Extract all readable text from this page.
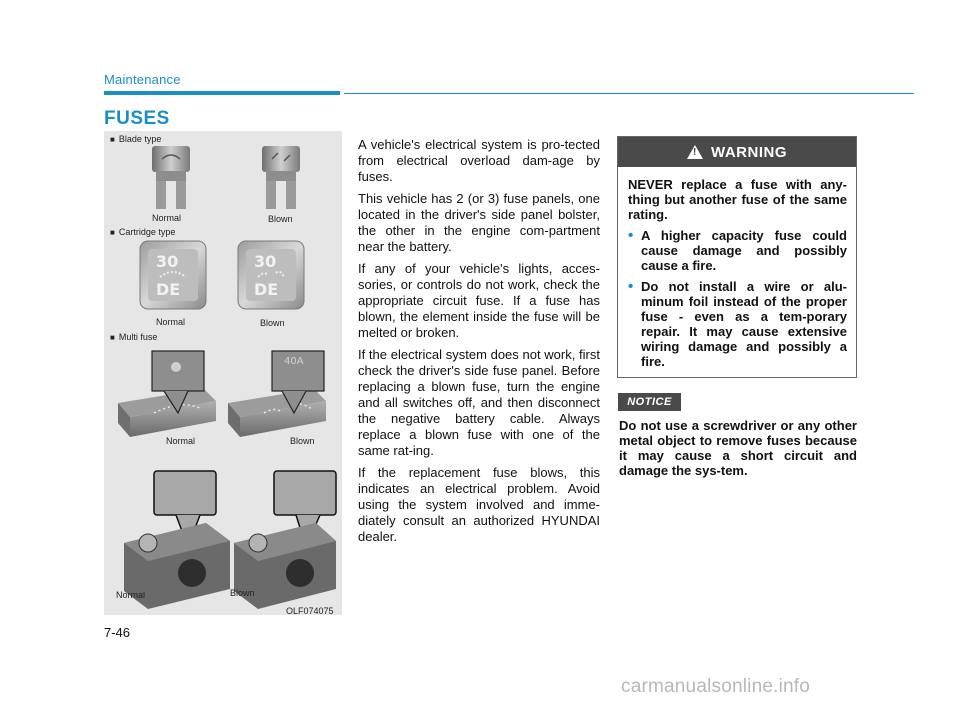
Maintenance
FUSES
30
DE
30
DE
40A
■ Blade type
Normal	Blown
■ Cartridge type
Normal	Blown
■ Multi fuse
Normal	Blown
Normal	Blown
OLF074075

A vehicle's electrical system is pro-tected from electrical overload dam-age by fuses.

This vehicle has 2 (or 3) fuse panels, one located in the driver's side panel bolster, the other in the engine com-partment near the battery.

If any of your vehicle's lights, acces-sories, or controls do not work, check the appropriate circuit fuse. If a fuse has blown, the element inside the fuse will be melted or broken.

If the electrical system does not work, first check the driver's side fuse panel. Before replacing a blown fuse, turn the engine and all switches off, and then disconnect the negative battery cable. Always replace a blown fuse with one of the same rat-ing.

If the replacement fuse blows, this indicates an electrical problem. Avoid using the system involved and imme-diately consult an authorized HYUNDAI dealer.

! WARNING

NEVER replace a fuse with any-thing but another fuse of the same rating.

• A higher capacity fuse could cause damage and possibly cause a fire.
• Do not install a wire or alu-minum foil instead of the proper fuse - even as a tem-porary repair. It may cause extensive wiring damage and possibly a fire.
NOTICE
Do not use a screwdriver or any other metal object to remove fuses because it may cause a short circuit and damage the sys-tem.
7-46
carmanualsonline.info
